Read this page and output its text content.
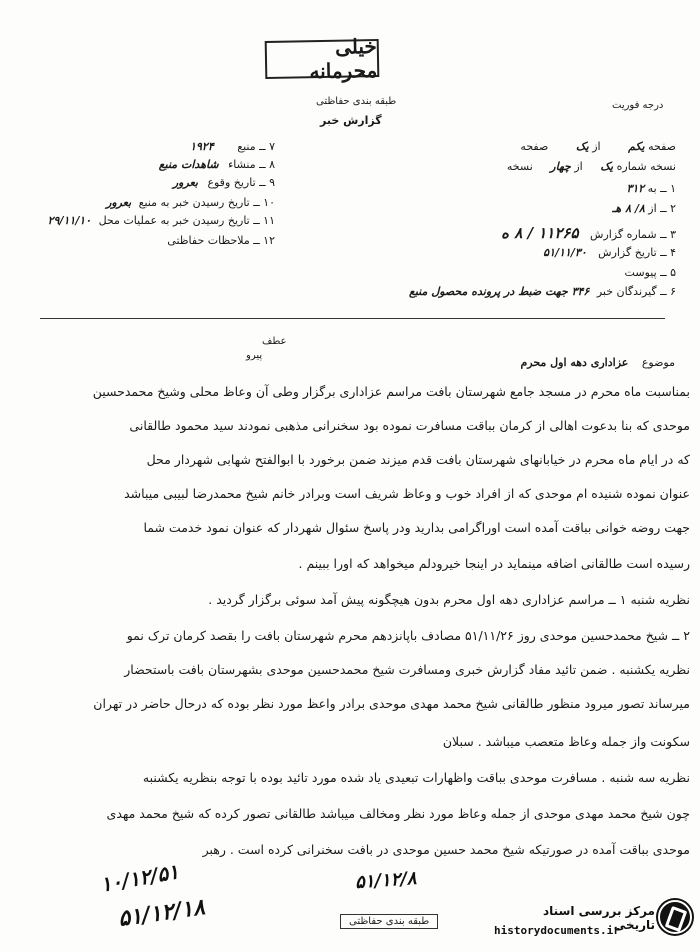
درجه فوریت
خیلی محرمانه
طبقه بندی حفاظتی
گزارش خبر
۷ ــ منبع ۱۹۲۴
۸ ــ منشاء شاهدات منبع
۹ ــ تاریخ وقوع بعرور
۱۰ ــ تاریخ رسیدن خبر به منبع بعرور
۱۱ ــ تاریخ رسیدن خبر به عملیات محل ۲۹/۱۱/۱۰
۱۲ ــ ملاحظات حفاظتی
صفحه یکم از یک صفحه
نسخه شماره یک از چهار نسخه
۱ ــ به ۳۱۲
۲ ــ از ۸/ ۸ هـ
۳ ــ شماره گزارش ۱۱۲۶۵ / ۸ ه
۴ ــ تاریخ گزارش ۵۱/۱۱/۳۰
۵ ــ پیوست
۶ ــ گیرندگان خبر ۳۴۶ جهت ضبط در پرونده محصول منبع
عطف
پیرو
موضوع عزاداری دهه اول محرم
بمناسبت ماه محرم در مسجد جامع شهرستان بافت مراسم عزاداری برگزار وطی آن وعاظ محلی وشیخ محمدحسین
موحدی که بنا بدعوت اهالی از کرمان بباقت مسافرت نموده بود سخنرانی مذهبی نمودند سید محمود طالقانی
که در ایام ماه محرم در خیابانهای شهرستان بافت قدم میزند ضمن برخورد با ابوالفتح شهابی شهردار محل
عنوان نموده شنیده ام موحدی که از افراد خوب و وعاظ شریف است وبرادر خانم شیخ محمدرضا لبیبی میباشد
جهت روضه خوانی بباقت آمده است اوراگرامی بدارید ودر پاسخ سئوال شهردار که عنوان نمود خدمت شما
رسیده است طالقانی اضافه مینماید در اینجا خیرودلم میخواهد که اورا ببینم .
نظریه شنبه ۱ ــ مراسم عزاداری دهه اول محرم بدون هیچگونه پیش آمد سوئی برگزار گردید .
۲ ــ شیخ محمدحسین موحدی روز ۵۱/۱۱/۲۶ مصادف باپانزدهم محرم شهرستان بافت را بقصد کرمان ترک نمو
نظریه یکشنبه . ضمن تائید مفاد گزارش خبری ومسافرت شیخ محمدحسین موحدی بشهرستان بافت باستحضار
میرساند تصور میرود منظور طالقانی شیخ محمد مهدی موحدی برادر واعظ مورد نظر بوده که درحال حاضر در تهران
سکونت واز جمله وعاظ متعصب میباشد . سبلان
نظریه سه شنبه . مسافرت موحدی بباقت واظهارات تبعیدی یاد شده مورد تائید بوده با توجه بنظریه یکشنبه
چون شیخ محمد مهدی موحدی از جمله وعاظ مورد نظر ومخالف میباشد طالقانی تصور کرده که شیخ محمد مهدی
موحدی بباقت آمده در صورتیکه شیخ محمد حسین موحدی در بافت سخنرانی کرده است . رهبر
۱۰/۱۲/۵۱
۵۱/۱۲/۱۸
۵۱/۱۲/۸
طبقه بندی حفاظتی
مرکز بررسی اسناد تاریخی
historydocuments.ir
